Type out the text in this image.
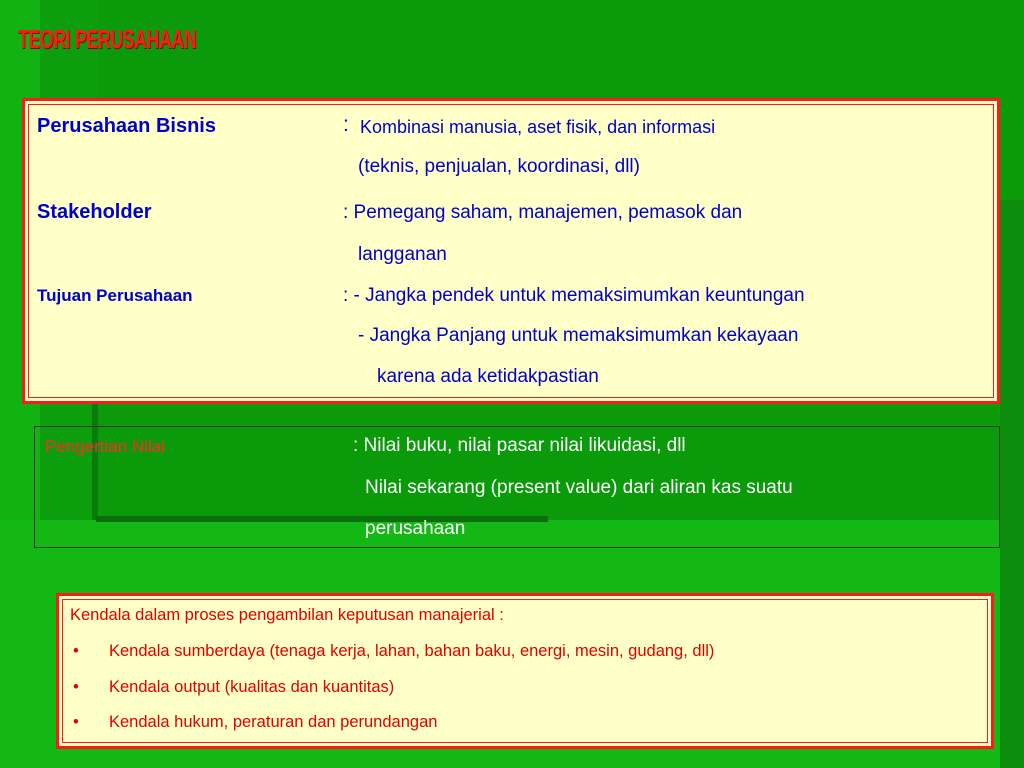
TEORI PERUSAHAAN
Perusahaan Bisnis	: Kombinasi manusia, aset fisik, dan informasi
(teknis, penjualan, koordinasi, dll)
Stakeholder	: Pemegang saham, manajemen, pemasok dan
langganan
Tujuan Perusahaan	: - Jangka pendek untuk memaksimumkan keuntungan
- Jangka Panjang untuk memaksimumkan kekayaan
karena ada ketidakpastian
Pengertian Nilai	: Nilai buku, nilai pasar nilai likuidasi, dll
Nilai sekarang (present value) dari aliran kas suatu
perusahaan
Kendala dalam proses pengambilan keputusan manajerial :
• Kendala sumberdaya (tenaga kerja, lahan, bahan baku, energi, mesin, gudang, dll)
• Kendala output (kualitas dan kuantitas)
• Kendala hukum, peraturan dan perundangan
